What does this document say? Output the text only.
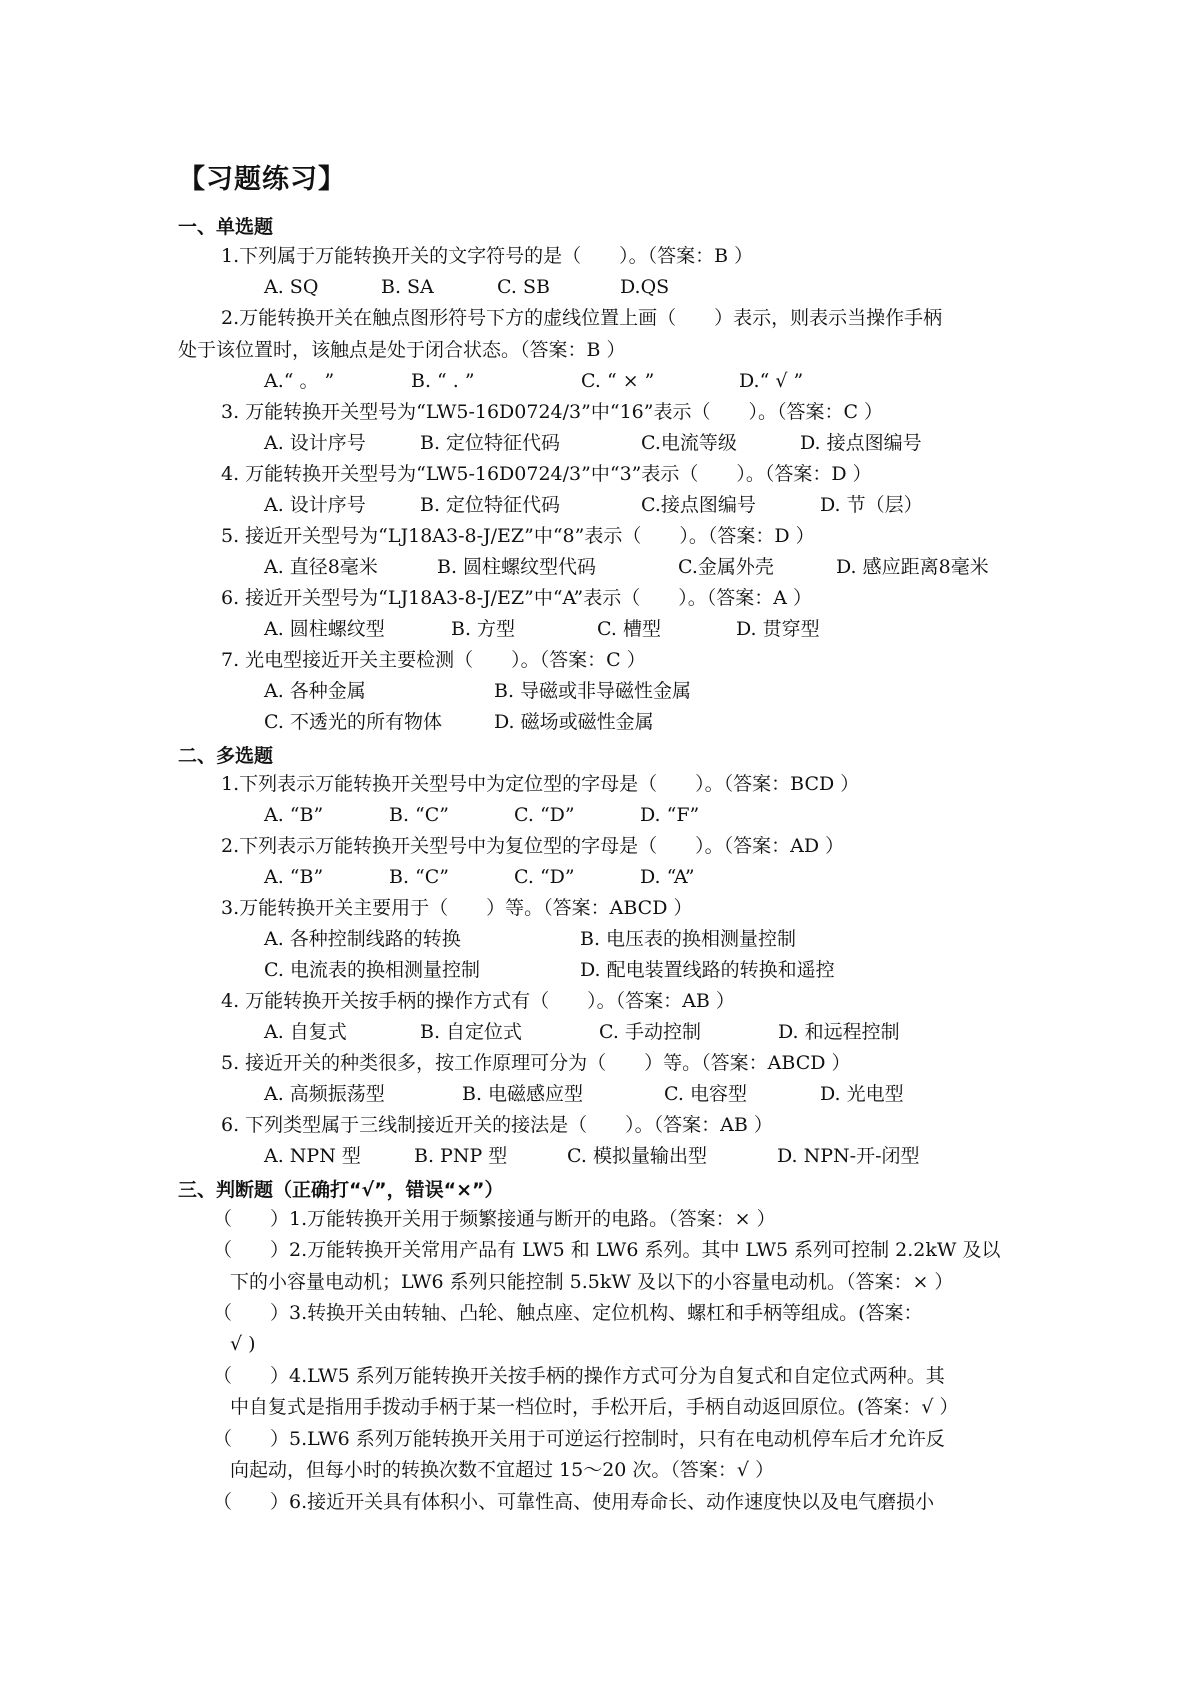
【习题练习】
一、单选题
1.下列属于万能转换开关的文字符号的是（　　）。（答案：B ）
A. SQ	B. SA	C. SB	D.QS
2.万能转换开关在触点图形符号下方的虚线位置上画（　　）表示，则表示当操作手柄
处于该位置时，该触点是处于闭合状态。（答案：B ）
A.“ 。 ”	B. “ . ”	C. “ × ”	D.“ √ ”
3. 万能转换开关型号为“LW5-16D0724/3”中“16”表示（　　）。（答案：C ）
A. 设计序号	B. 定位特征代码	C.电流等级	D. 接点图编号
4. 万能转换开关型号为“LW5-16D0724/3”中“3”表示（　　）。（答案：D ）
A. 设计序号	B. 定位特征代码	C.接点图编号	D. 节（层）
5. 接近开关型号为“LJ18A3-8-J/EZ”中“8”表示（　　）。（答案：D ）
A. 直径8毫米	B. 圆柱螺纹型代码	C.金属外壳	D. 感应距离8毫米
6. 接近开关型号为“LJ18A3-8-J/EZ”中“A”表示（　　）。（答案：A ）
A. 圆柱螺纹型	B. 方型	C. 槽型	D. 贯穿型
7. 光电型接近开关主要检测（　　）。（答案：C ）
A. 各种金属	B. 导磁或非导磁性金属
C. 不透光的所有物体	D. 磁场或磁性金属
二、多选题
1.下列表示万能转换开关型号中为定位型的字母是（　　）。（答案：BCD ）
A. “B”	B. “C”	C. “D”	D. “F”
2.下列表示万能转换开关型号中为复位型的字母是（　　）。（答案：AD ）
A. “B”	B. “C”	C. “D”	D. “A”
3.万能转换开关主要用于（　　）等。（答案：ABCD ）
A. 各种控制线路的转换	B. 电压表的换相测量控制
C. 电流表的换相测量控制	D. 配电装置线路的转换和遥控
4. 万能转换开关按手柄的操作方式有（　　）。（答案：AB ）
A. 自复式	B. 自定位式	C. 手动控制	D. 和远程控制
5. 接近开关的种类很多，按工作原理可分为（　　）等。（答案：ABCD ）
A. 高频振荡型	B. 电磁感应型	C. 电容型	D. 光电型
6. 下列类型属于三线制接近开关的接法是（　　）。（答案：AB ）
A. NPN 型	B. PNP 型	C. 模拟量输出型	D. NPN-开-闭型
三、判断题（正确打“√”，错误“×”）
（　　）1.万能转换开关用于频繁接通与断开的电路。（答案：× ）
（　　）2.万能转换开关常用产品有 LW5 和 LW6 系列。其中 LW5 系列可控制 2.2kW 及以
下的小容量电动机；LW6 系列只能控制 5.5kW 及以下的小容量电动机。（答案：× ）
（　　）3.转换开关由转轴、凸轮、触点座、定位机构、螺杠和手柄等组成。(答案：
√ )
（　　）4.LW5 系列万能转换开关按手柄的操作方式可分为自复式和自定位式两种。其
中自复式是指用手拨动手柄于某一档位时，手松开后，手柄自动返回原位。(答案：√ ）
（　　）5.LW6 系列万能转换开关用于可逆运行控制时，只有在电动机停车后才允许反
向起动，但每小时的转换次数不宜超过 15～20 次。（答案：√ ）
（　　）6.接近开关具有体积小、可靠性高、使用寿命长、动作速度快以及电气磨损小
